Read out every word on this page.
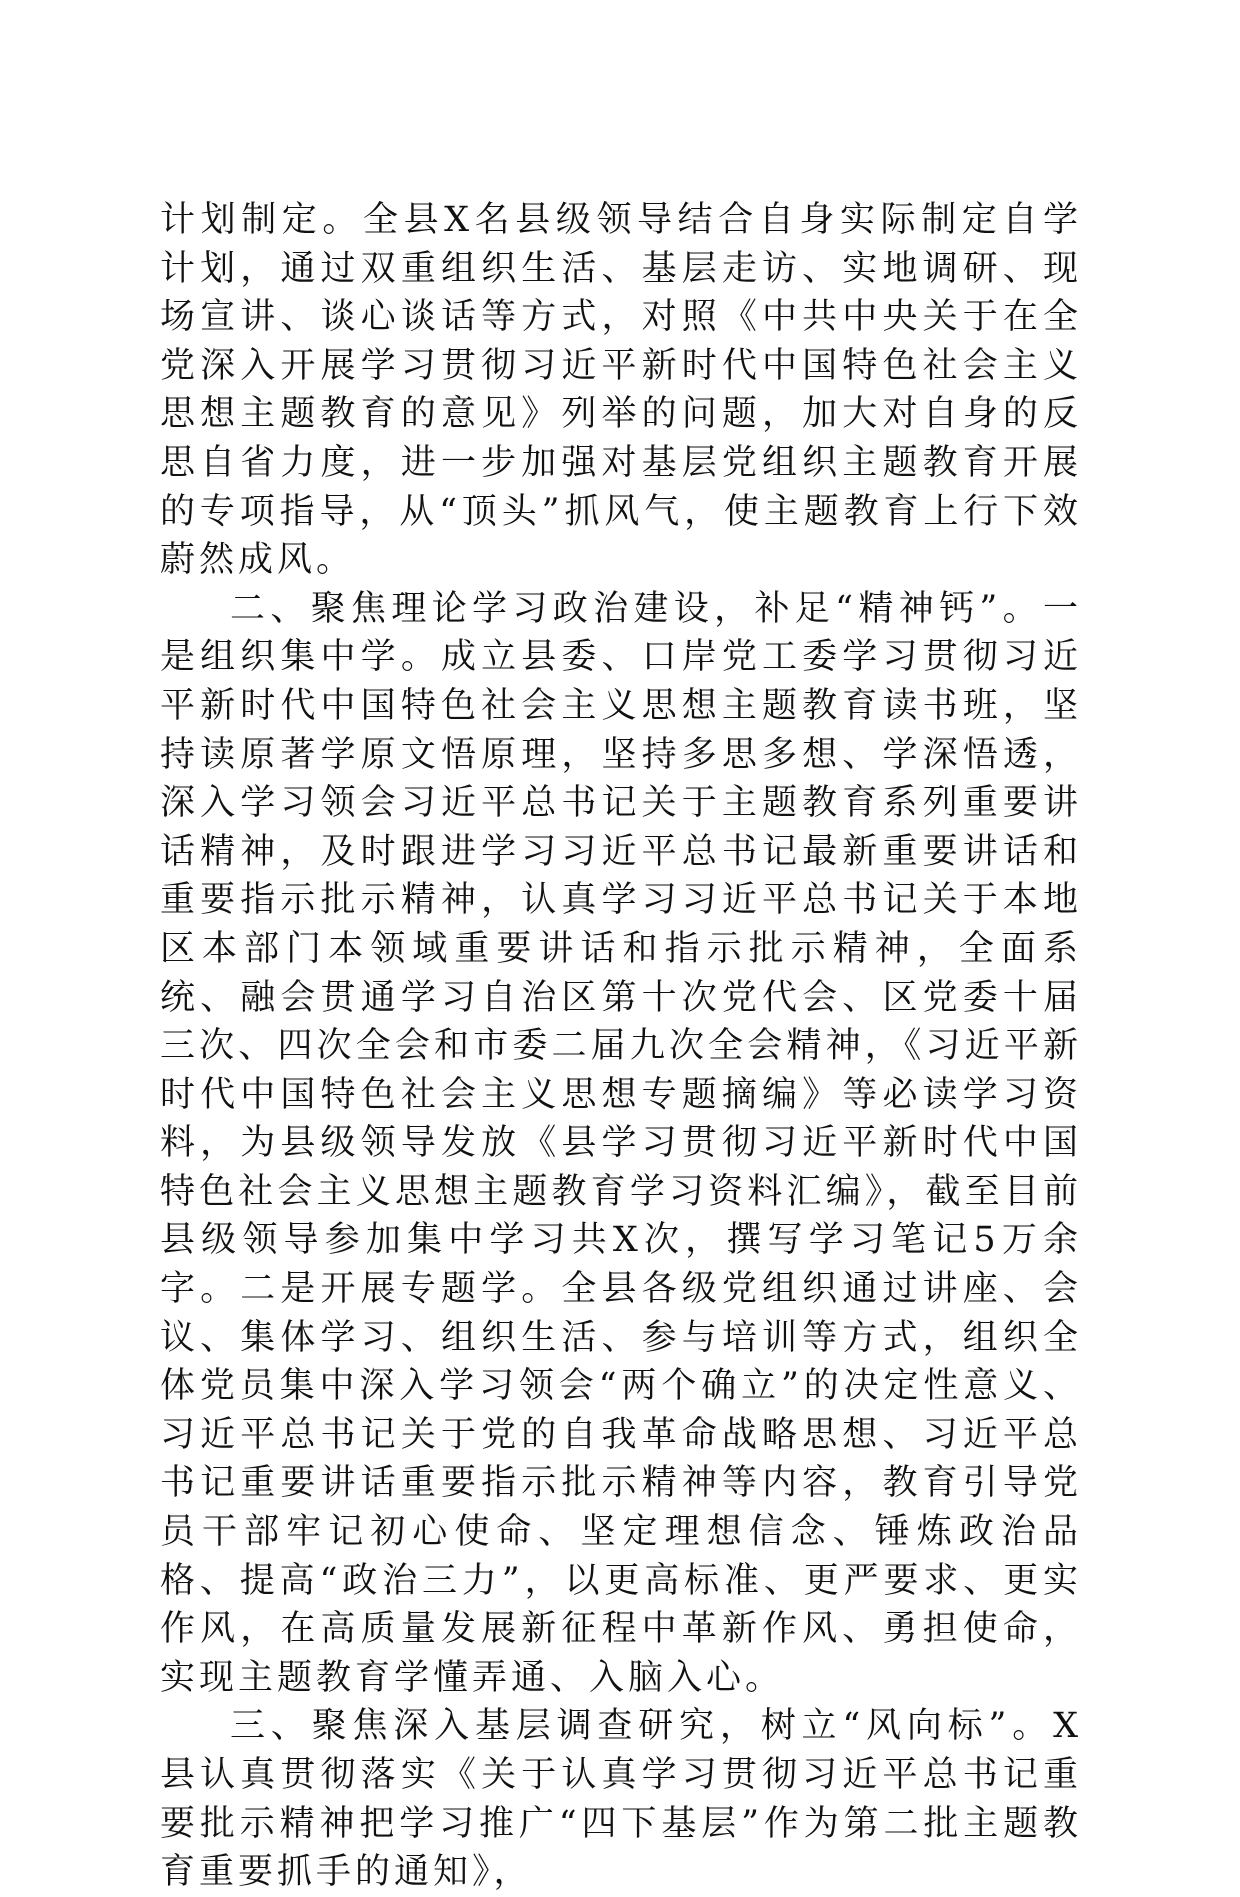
计划制定。全县X名县级领导结合自身实际制定自学计划，通过双重组织生活、基层走访、实地调研、现场宣讲、谈心谈话等方式，对照《中共中央关于在全党深入开展学习贯彻习近平新时代中国特色社会主义思想主题教育的意见》列举的问题，加大对自身的反思自省力度，进一步加强对基层党组织主题教育开展的专项指导，从“顶头”抓风气，使主题教育上行下效蔚然成风。

二、聚焦理论学习政治建设，补足“精神钙”。一是组织集中学。成立县委、口岸党工委学习贯彻习近平新时代中国特色社会主义思想主题教育读书班，坚持读原著学原文悟原理，坚持多思多想、学深悟透，深入学习领会习近平总书记关于主题教育系列重要讲话精神，及时跟进学习习近平总书记最新重要讲话和重要指示批示精神，认真学习习近平总书记关于本地区本部门本领域重要讲话和指示批示精神，全面系统、融会贯通学习自治区第十次党代会、区党委十届三次、四次全会和市委二届九次全会精神，《习近平新时代中国特色社会主义思想专题摘编》等必读学习资料，为县级领导发放《县学习贯彻习近平新时代中国特色社会主义思想主题教育学习资料汇编》，截至目前县级领导参加集中学习共X次，撰写学习笔记5万余字。二是开展专题学。全县各级党组织通过讲座、会议、集体学习、组织生活、参与培训等方式，组织全体党员集中深入学习领会“两个确立”的决定性意义、习近平总书记关于党的自我革命战略思想、习近平总书记重要讲话重要指示批示精神等内容，教育引导党员干部牢记初心使命、坚定理想信念、锤炼政治品格、提高“政治三力”，以更高标准、更严要求、更实作风，在高质量发展新征程中革新作风、勇担使命，实现主题教育学懂弄通、入脑入心。

三、聚焦深入基层调查研究，树立“风向标”。X县认真贯彻落实《关于认真学习贯彻习近平总书记重要批示精神把学习推广“四下基层”作为第二批主题教育重要抓手的通知》，
